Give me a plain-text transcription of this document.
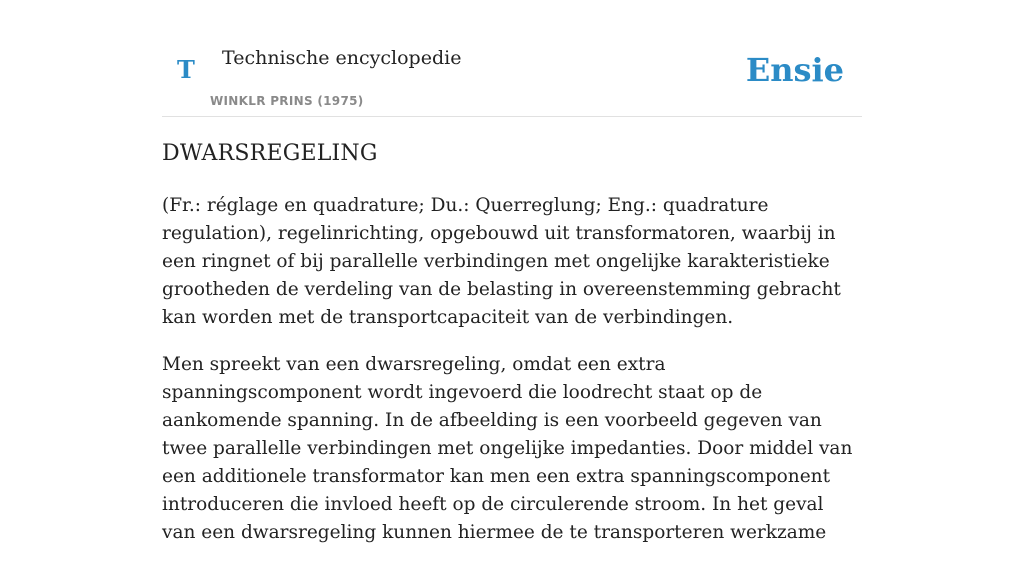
T Technische encyclopedie
WINKLR PRINS (1975)
Ensie
DWARSREGELING

(Fr.: réglage en quadrature; Du.: Querreglung; Eng.: quadrature regulation), regelinrichting, opgebouwd uit transformatoren, waarbij in een ringnet of bij parallelle verbindingen met ongelijke karakteristieke grootheden de verdeling van de belasting in overeenstemming gebracht kan worden met de transportcapaciteit van de verbindingen.

Men spreekt van een dwarsregeling, omdat een extra spanningscomponent wordt ingevoerd die loodrecht staat op de aankomende spanning. In de afbeelding is een voorbeeld gegeven van twee parallelle verbindingen met ongelijke impedanties. Door middel van een additionele transformator kan men een extra spanningscomponent introduceren die invloed heeft op de circulerende stroom. In het geval van een dwarsregeling kunnen hiermee de te transporteren werkzame
